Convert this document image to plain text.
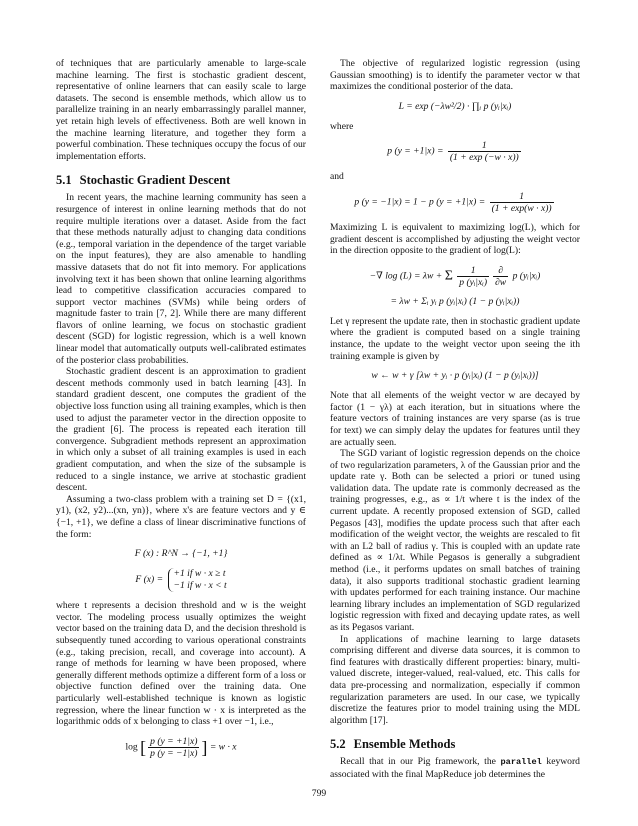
of techniques that are particularly amenable to large-scale machine learning. The first is stochastic gradient descent, representative of online learners that can easily scale to large datasets. The second is ensemble methods, which allow us to parallelize training in an nearly embarrassingly parallel manner, yet retain high levels of effectiveness. Both are well known in the machine learning literature, and together they form a powerful combination. These techniques occupy the focus of our implementation efforts.

5.1 Stochastic Gradient Descent

In recent years, the machine learning community has seen a resurgence of interest in online learning methods that do not require multiple iterations over a dataset. Aside from the fact that these methods naturally adjust to changing data conditions (e.g., temporal variation in the dependence of the target variable on the input features), they are also amenable to handling massive datasets that do not fit into memory. For applications involving text it has been shown that online learning algorithms lead to competitive classification accuracies compared to support vector machines (SVMs) while being orders of magnitude faster to train [7, 2]. While there are many different flavors of online learning, we focus on stochastic gradient descent (SGD) for logistic regression, which is a well known linear model that automatically outputs well-calibrated estimates of the posterior class probabilities.

Stochastic gradient descent is an approximation to gradient descent methods commonly used in batch learning [43]. In standard gradient descent, one computes the gradient of the objective loss function using all training examples, which is then used to adjust the parameter vector in the direction opposite to the gradient [6]. The process is repeated each iteration till convergence. Subgradient methods represent an approximation in which only a subset of all training examples is used in each gradient computation, and when the size of the subsample is reduced to a single instance, we arrive at stochastic gradient descent.

Assuming a two-class problem with a training set D = {(x1, y1), (x2, y2)...(xn, yn)}, where x's are feature vectors and y ∈ {−1, +1}, we define a class of linear discriminative functions of the form:

F (x) : R^N → {−1, +1}
F (x) =
+1 if w · x ≥ t
−1 if w · x < t

where t represents a decision threshold and w is the weight vector. The modeling process usually optimizes the weight vector based on the training data D, and the decision threshold is subsequently tuned according to various operational constraints (e.g., taking precision, recall, and coverage into account). A range of methods for learning w have been proposed, where generally different methods optimize a different form of a loss or objective function defined over the training data. One particularly well-established technique is known as logistic regression, where the linear function w · x is interpreted as the logarithmic odds of x belonging to class +1 over −1, i.e.,

log [ $\frac{p (y = +1|x)}{p (y = -1|x)}$ ] = w · x

The objective of regularized logistic regression (using Gaussian smoothing) is to identify the parameter vector w that maximizes the conditional posterior of the data.

L = exp (−λw²/2) · ∏ᵢ p (yᵢ|xᵢ)

where

p $(y = +1|x) = \frac{1}{(1 + \exp (-w \cdot x))}$

and

p (y = −1|x) = 1 − p $(y = +1|x) = \frac{1}{(1 + \exp(w \cdot x))}$

Maximizing L is equivalent to maximizing log(L), which for gradient descent is accomplished by adjusting the weight vector in the direction opposite to the gradient of log(L):

−∇ log (L) = λw + Σ $\frac{1}{\text{p (yᵢ|xᵢ)}} \frac{\partial}{\partial w}$ p (yᵢ|xᵢ)
= λw + Σᵢ yᵢ p (yᵢ|xᵢ) (1 − p (yᵢ|xᵢ))

Let γ represent the update rate, then in stochastic gradient update where the gradient is computed based on a single training instance, the update to the weight vector upon seeing the ith training example is given by

w ← w + γ [λw + yᵢ · p (yᵢ|xᵢ) (1 − p (yᵢ|xᵢ))]

Note that all elements of the weight vector w are decayed by factor (1 − γλ) at each iteration, but in situations where the feature vectors of training instances are very sparse (as is true for text) we can simply delay the updates for features until they are actually seen.

The SGD variant of logistic regression depends on the choice of two regularization parameters, λ of the Gaussian prior and the update rate γ. Both can be selected a priori or tuned using validation data. The update rate is commonly decreased as the training progresses, e.g., as ∝ 1/t where t is the index of the current update. A recently proposed extension of SGD, called Pegasos [43], modifies the update process such that after each modification of the weight vector, the weights are rescaled to fit with an L2 ball of radius γ. This is coupled with an update rate defined as ∝ 1/λt. While Pegasos is generally a subgradient method (i.e., it performs updates on small batches of training data), it also supports traditional stochastic gradient learning with updates performed for each training instance. Our machine learning library includes an implementation of SGD regularized logistic regression with fixed and decaying update rates, as well as its Pegasos variant.

In applications of machine learning to large datasets comprising different and diverse data sources, it is common to find features with drastically different properties: binary, multi-valued discrete, integer-valued, real-valued, etc. This calls for data pre-processing and normalization, especially if common regularization parameters are used. In our case, we typically discretize the features prior to model training using the MDL algorithm [17].

5.2 Ensemble Methods

Recall that in our Pig framework, the parallel keyword associated with the final MapReduce job determines the

799
